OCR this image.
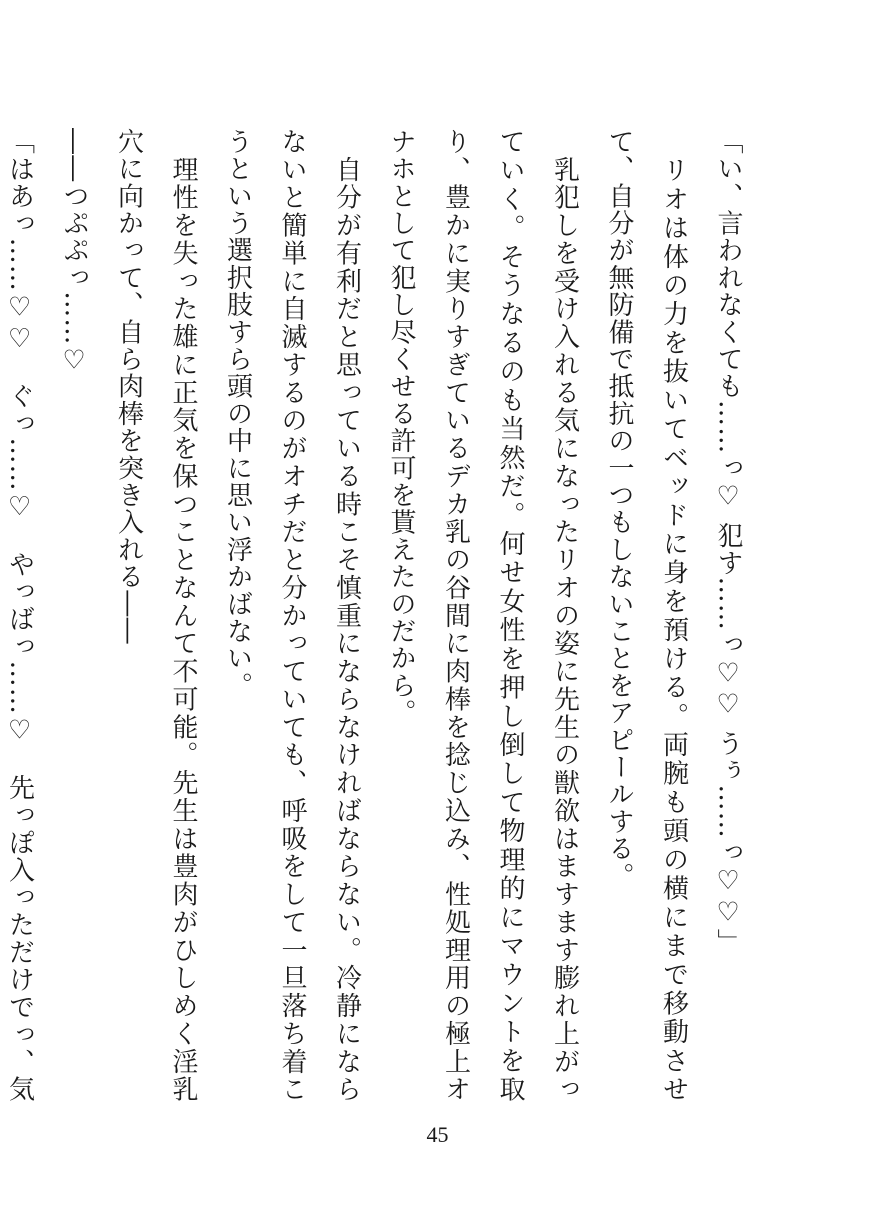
「い、言われなくても……っ♡ 犯す……っ♡♡ うぅ……っ♡♡」

　リオは体の力を抜いてベッドに身を預ける。両腕も頭の横にまで移動させて、自分が無防備で抵抗の一つもしないことをアピールする。

　乳犯しを受け入れる気になったリオの姿に先生の獣欲はますます膨れ上がっていく。そうなるのも当然だ。何せ女性を押し倒して物理的にマウントを取り、豊かに実りすぎているデカ乳の谷間に肉棒を捻じ込み、性処理用の極上オナホとして犯し尽くせる許可を貰えたのだから。

　自分が有利だと思っている時こそ慎重にならなければならない。冷静にならないと簡単に自滅するのがオチだと分かっていても、呼吸をして一旦落ち着こうという選択肢すら頭の中に思い浮かばない。

　理性を失った雄に正気を保つことなんて不可能。先生は豊肉がひしめく淫乳穴に向かって、自ら肉棒を突き入れる――

――つぷぷっ……♡

「はあっ……♡♡　ぐっ……♡　やっばっ……♡　先っぽ入っただけでっ、気

45
